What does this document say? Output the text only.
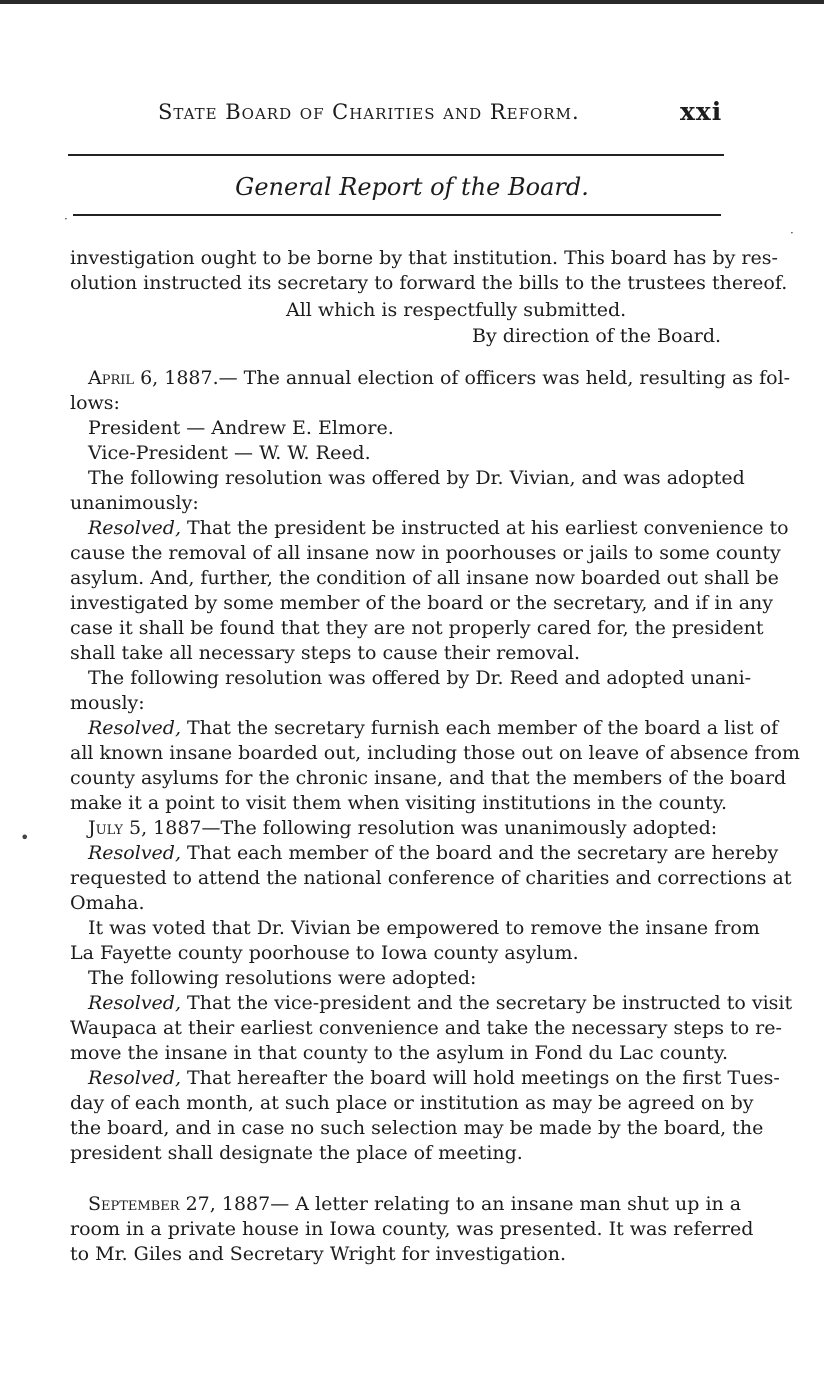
State Board of Charities and Reform.	xxi
General Report of the Board.
·
·
investigation ought to be borne by that institution. This board has by res-
olution instructed its secretary to forward the bills to the trustees thereof.
All which is respectfully submitted.
By direction of the Board.
April 6, 1887.— The annual election of officers was held, resulting as fol-
lows:
President — Andrew E. Elmore.
Vice-President — W. W. Reed.
The following resolution was offered by Dr. Vivian, and was adopted
unanimously:
Resolved, That the president be instructed at his earliest convenience to
cause the removal of all insane now in poorhouses or jails to some county
asylum. And, further, the condition of all insane now boarded out shall be
investigated by some member of the board or the secretary, and if in any
case it shall be found that they are not properly cared for, the president
shall take all necessary steps to cause their removal.
The following resolution was offered by Dr. Reed and adopted unani-
mously:
Resolved, That the secretary furnish each member of the board a list of
all known insane boarded out, including those out on leave of absence from
county asylums for the chronic insane, and that the members of the board
make it a point to visit them when visiting institutions in the county.
July 5, 1887—The following resolution was unanimously adopted:
Resolved, That each member of the board and the secretary are hereby
requested to attend the national conference of charities and corrections at
Omaha.
It was voted that Dr. Vivian be empowered to remove the insane from
La Fayette county poorhouse to Iowa county asylum.
The following resolutions were adopted:
Resolved, That the vice-president and the secretary be instructed to visit
Waupaca at their earliest convenience and take the necessary steps to re-
move the insane in that county to the asylum in Fond du Lac county.
Resolved, That hereafter the board will hold meetings on the first Tues-
day of each month, at such place or institution as may be agreed on by
the board, and in case no such selection may be made by the board, the
president shall designate the place of meeting.
•
September 27, 1887— A letter relating to an insane man shut up in a
room in a private house in Iowa county, was presented. It was referred
to Mr. Giles and Secretary Wright for investigation.
